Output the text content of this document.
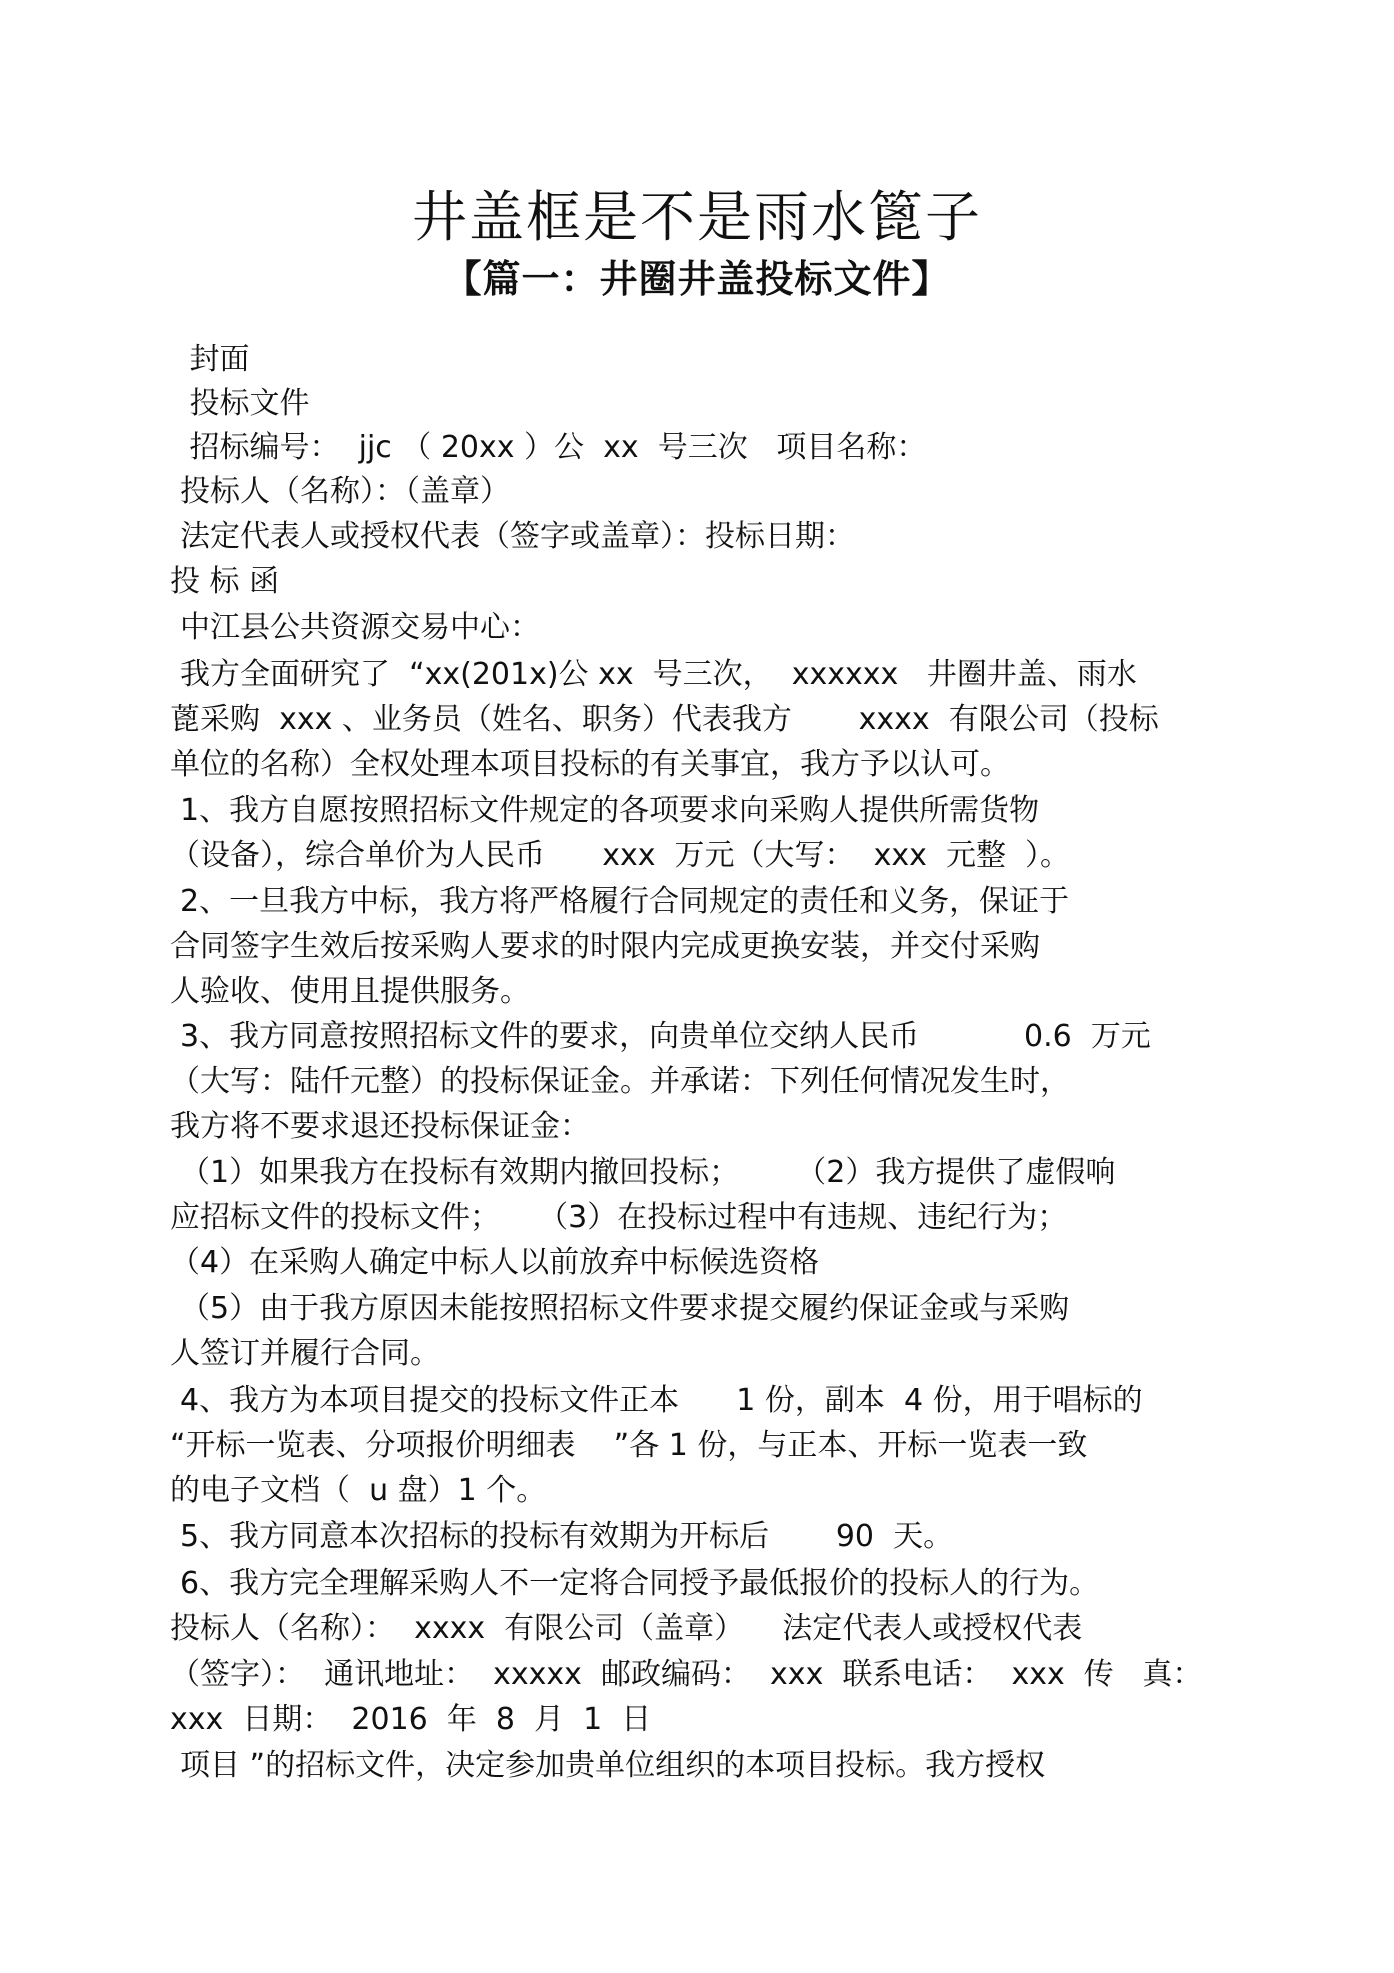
井盖框是不是雨水篦子
【篇一：井圈井盖投标文件】

封面

投标文件

招标编号：  jjc （ 20xx ）公  xx  号三次   项目名称：

投标人（名称）：（盖章）

法定代表人或授权代表（签字或盖章）：投标日期：

投 标 函

中江县公共资源交易中心：

我方全面研究了  “xx(201x)公 xx  号三次，  xxxxxx   井圈井盖、雨水

蓖采购  xxx 、业务员（姓名、职务）代表我方       xxxx  有限公司（投标

单位的名称）全权处理本项目投标的有关事宜，我方予以认可。

1、我方自愿按照招标文件规定的各项要求向采购人提供所需货物

（设备），综合单价为人民币      xxx  万元（大写：  xxx  元整  ）。

2、一旦我方中标，我方将严格履行合同规定的责任和义务，保证于

合同签字生效后按采购人要求的时限内完成更换安装，并交付采购

人验收、使用且提供服务。

3、我方同意按照招标文件的要求，向贵单位交纳人民币           0.6  万元

（大写：陆仟元整）的投标保证金。并承诺：下列任何情况发生时，

我方将不要求退还投标保证金：

（1）如果我方在投标有效期内撤回投标；      （2）我方提供了虚假响

应招标文件的投标文件；    （3）在投标过程中有违规、违纪行为；

（4）在采购人确定中标人以前放弃中标候选资格

（5）由于我方原因未能按照招标文件要求提交履约保证金或与采购

人签订并履行合同。

4、我方为本项目提交的投标文件正本      1 份，副本  4 份，用于唱标的

“开标一览表、分项报价明细表    ”各 1 份，与正本、开标一览表一致

的电子文档（  u 盘）1 个。

5、我方同意本次招标的投标有效期为开标后       90  天。

6、我方完全理解采购人不一定将合同授予最低报价的投标人的行为。

投标人（名称）：  xxxx  有限公司（盖章）    法定代表人或授权代表

（签字）：  通讯地址：  xxxxx  邮政编码：  xxx  联系电话：  xxx  传   真：

xxx  日期：  2016  年  8  月  1  日

项目 ”的招标文件，决定参加贵单位组织的本项目投标。我方授权
